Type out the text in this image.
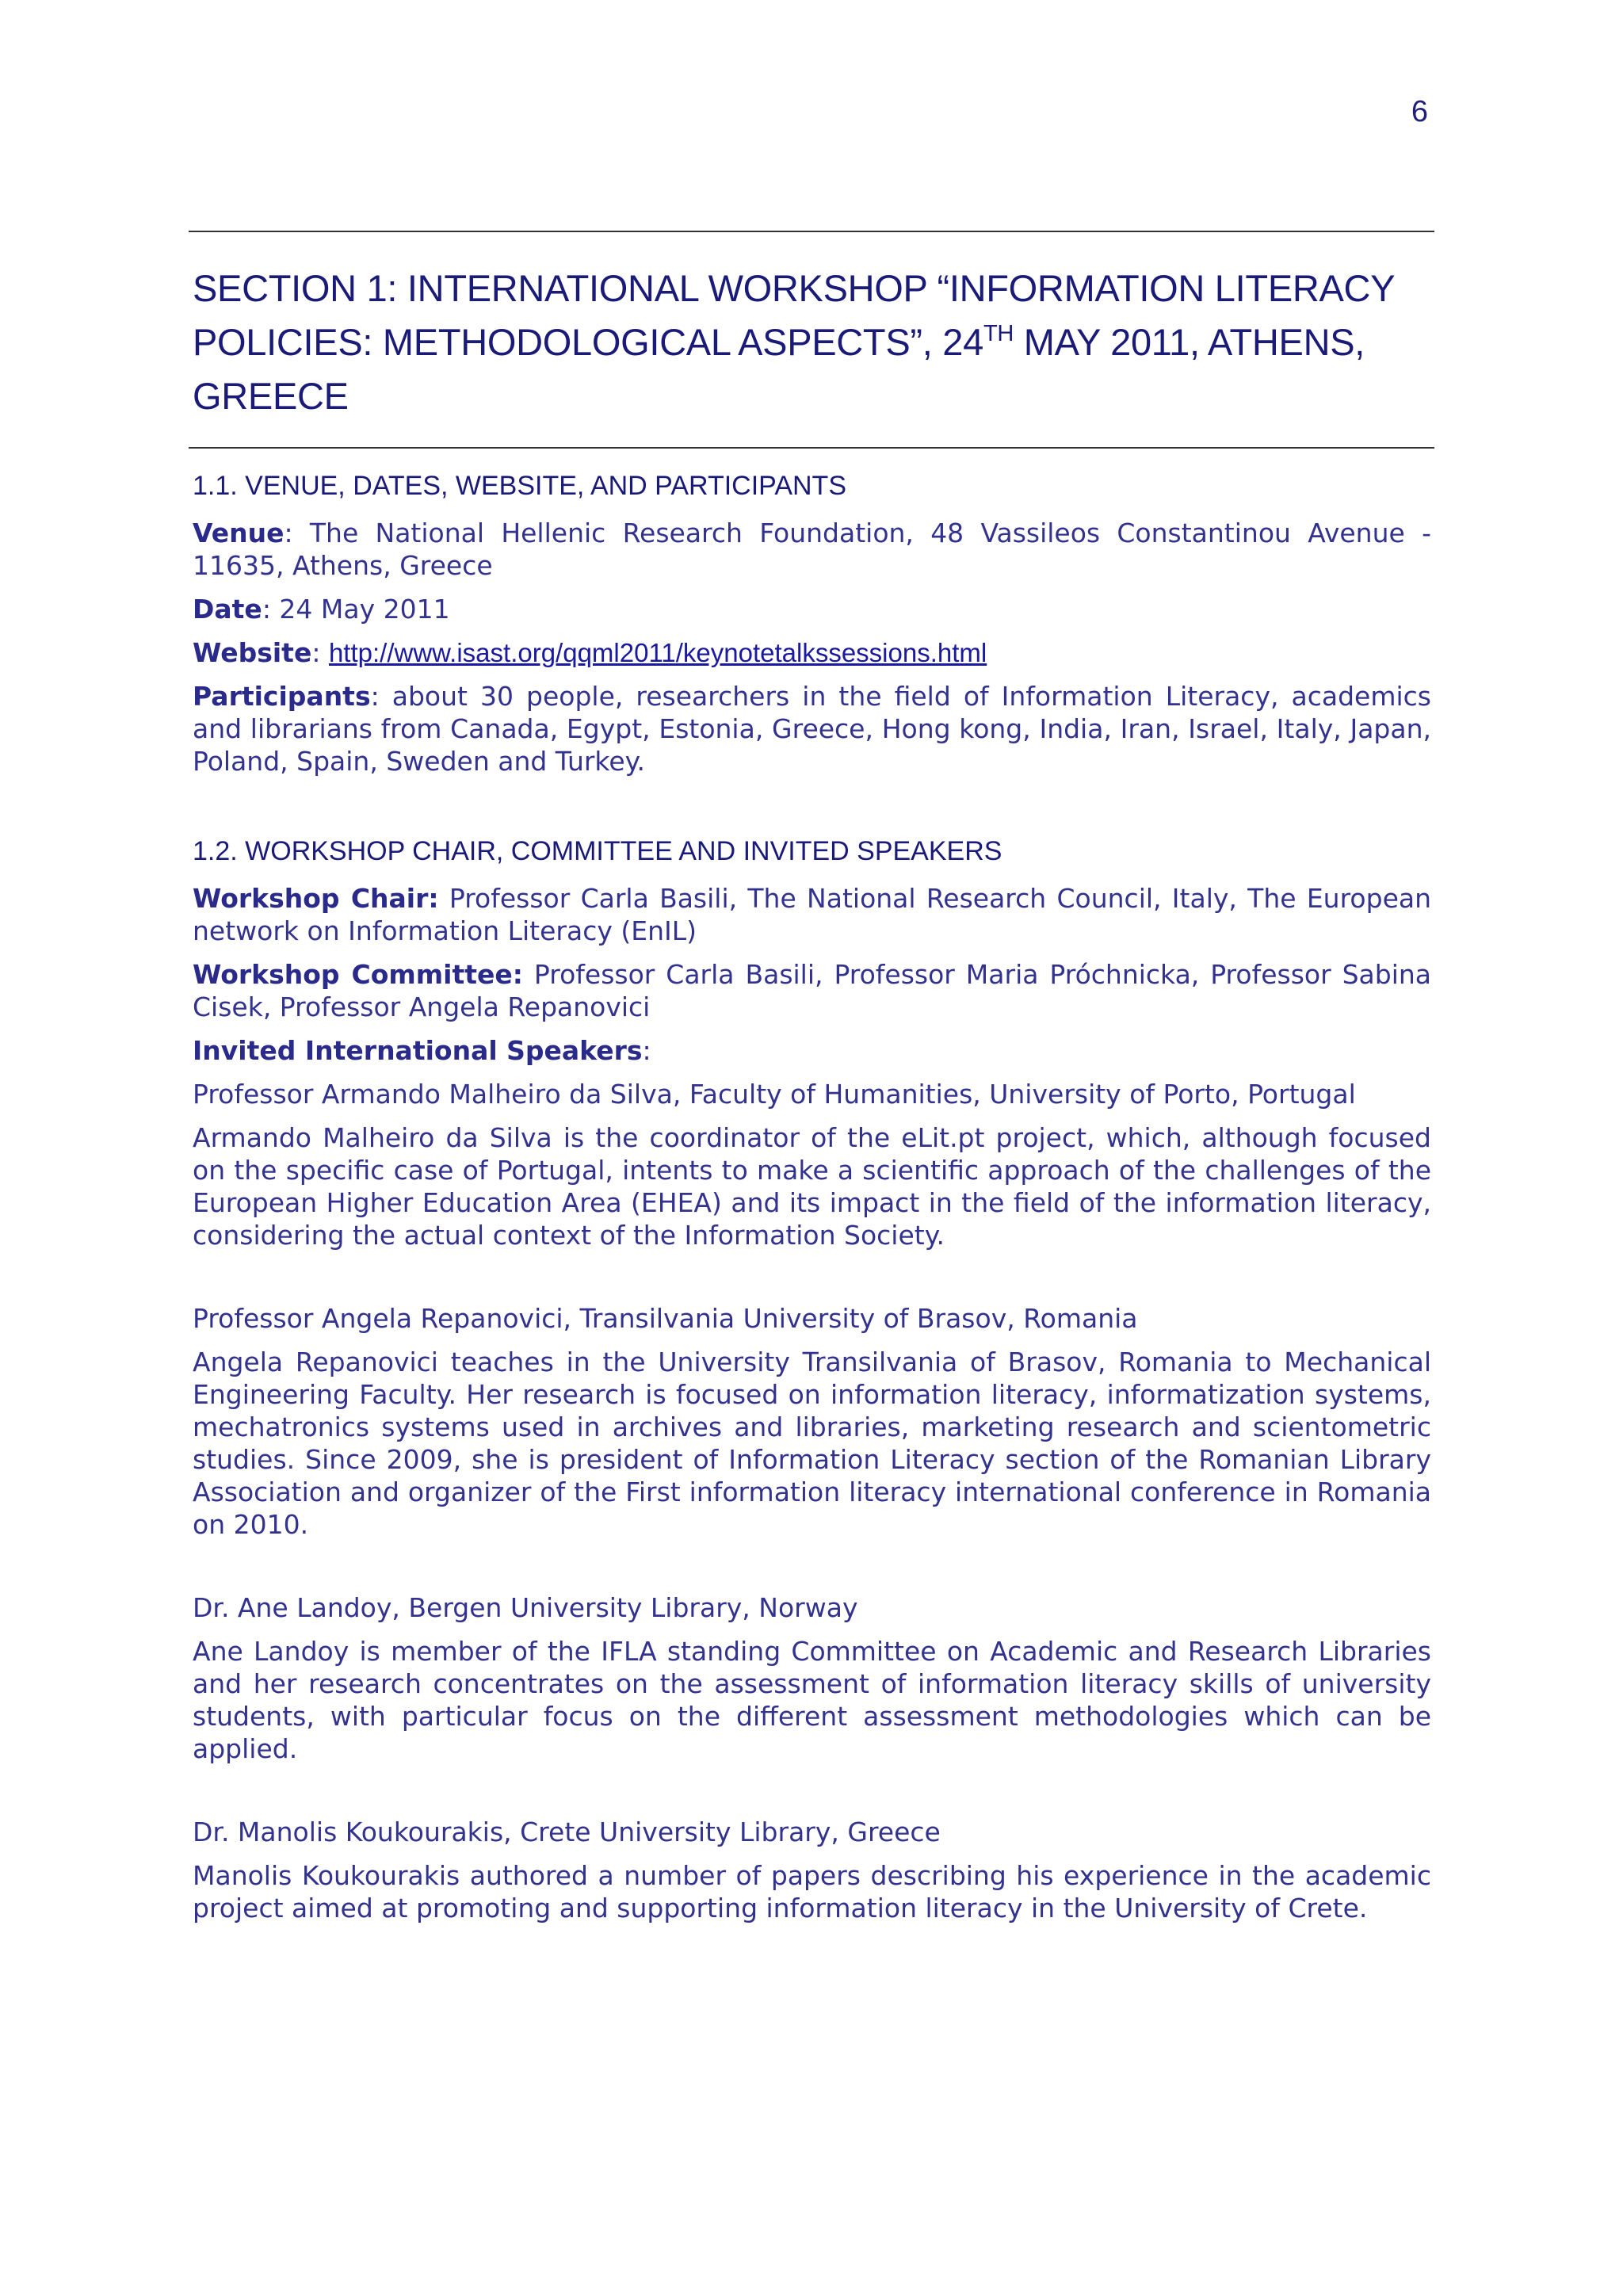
6
SECTION 1: INTERNATIONAL WORKSHOP “INFORMATION LITERACY POLICIES: METHODOLOGICAL ASPECTS”, 24TH MAY 2011, ATHENS, GREECE
1.1. VENUE, DATES, WEBSITE, AND PARTICIPANTS

Venue: The National Hellenic Research Foundation, 48 Vassileos Constantinou Avenue - 11635, Athens, Greece

Date: 24 May 2011

Website: http://www.isast.org/qqml2011/keynotetalkssessions.html

Participants: about 30 people, researchers in the field of Information Literacy, academics and librarians from Canada, Egypt, Estonia, Greece, Hong kong, India, Iran, Israel, Italy, Japan, Poland, Spain, Sweden and Turkey.

1.2. WORKSHOP CHAIR, COMMITTEE AND INVITED SPEAKERS

Workshop Chair: Professor Carla Basili, The National Research Council, Italy, The European network on Information Literacy (EnIL)

Workshop Committee: Professor Carla Basili, Professor Maria Próchnicka, Professor Sabina Cisek, Professor Angela Repanovici

Invited International Speakers:
Professor Armando Malheiro da Silva, Faculty of Humanities, University of Porto, Portugal

Armando Malheiro da Silva is the coordinator of the eLit.pt project, which, although focused on the specific case of Portugal, intents to make a scientific approach of the challenges of the European Higher Education Area (EHEA) and its impact in the field of the information literacy, considering the actual context of the Information Society.

Professor Angela Repanovici, Transilvania University of Brasov, Romania

Angela Repanovici teaches in the University Transilvania of Brasov, Romania to Mechanical Engineering Faculty. Her research is focused on information literacy, informatization systems, mechatronics systems used in archives and libraries, marketing research and scientometric studies. Since 2009, she is president of Information Literacy section of the Romanian Library Association and organizer of the First information literacy international conference in Romania on 2010.

Dr. Ane Landoy, Bergen University Library, Norway

Ane Landoy is member of the IFLA standing Committee on Academic and Research Libraries and her research concentrates on the assessment of information literacy skills of university students, with particular focus on the different assessment methodologies which can be applied.

Dr. Manolis Koukourakis, Crete University Library, Greece

Manolis Koukourakis authored a number of papers describing his experience in the academic project aimed at promoting and supporting information literacy in the University of Crete.
